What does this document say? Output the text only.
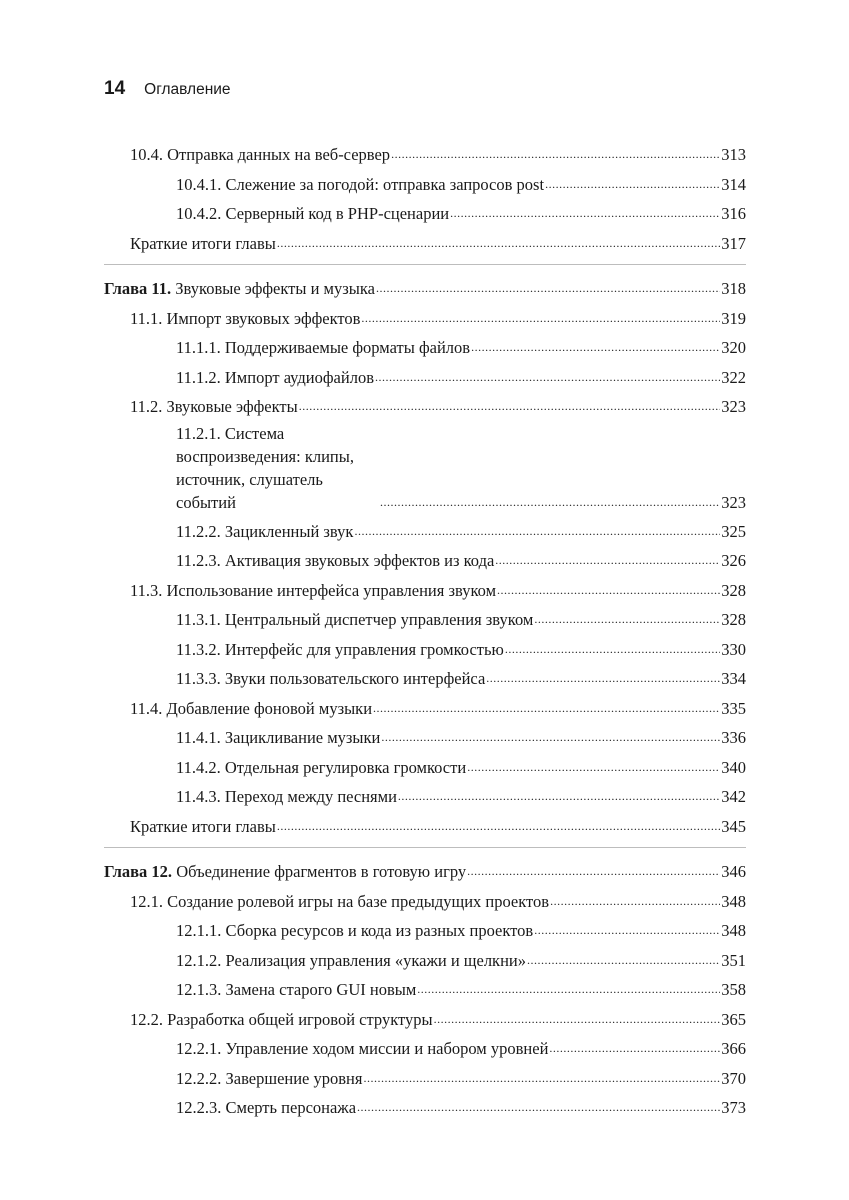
14 Оглавление
10.4. Отправка данных на веб-сервер .....	313
10.4.1. Слежение за погодой: отправка запросов post .....	314
10.4.2. Серверный код в PHP-сценарии .....	316
Краткие итоги главы .....	317
Глава 11. Звуковые эффекты и музыка .....	318
11.1. Импорт звуковых эффектов .....	319
11.1.1. Поддерживаемые форматы файлов .....	320
11.1.2. Импорт аудиофайлов .....	322
11.2. Звуковые эффекты .....	323
11.2.1. Система воспроизведения: клипы, источник, слушатель событий .....	323
11.2.2. Зацикленный звук .....	325
11.2.3. Активация звуковых эффектов из кода .....	326
11.3. Использование интерфейса управления звуком .....	328
11.3.1. Центральный диспетчер управления звуком .....	328
11.3.2. Интерфейс для управления громкостью .....	330
11.3.3. Звуки пользовательского интерфейса .....	334
11.4. Добавление фоновой музыки .....	335
11.4.1. Зацикливание музыки .....	336
11.4.2. Отдельная регулировка громкости .....	340
11.4.3. Переход между песнями .....	342
Краткие итоги главы .....	345
Глава 12. Объединение фрагментов в готовую игру .....	346
12.1. Создание ролевой игры на базе предыдущих проектов .....	348
12.1.1. Сборка ресурсов и кода из разных проектов .....	348
12.1.2. Реализация управления «укажи и щелкни» .....	351
12.1.3. Замена старого GUI новым .....	358
12.2. Разработка общей игровой структуры .....	365
12.2.1. Управление ходом миссии и набором уровней .....	366
12.2.2. Завершение уровня .....	370
12.2.3. Смерть персонажа .....	373
